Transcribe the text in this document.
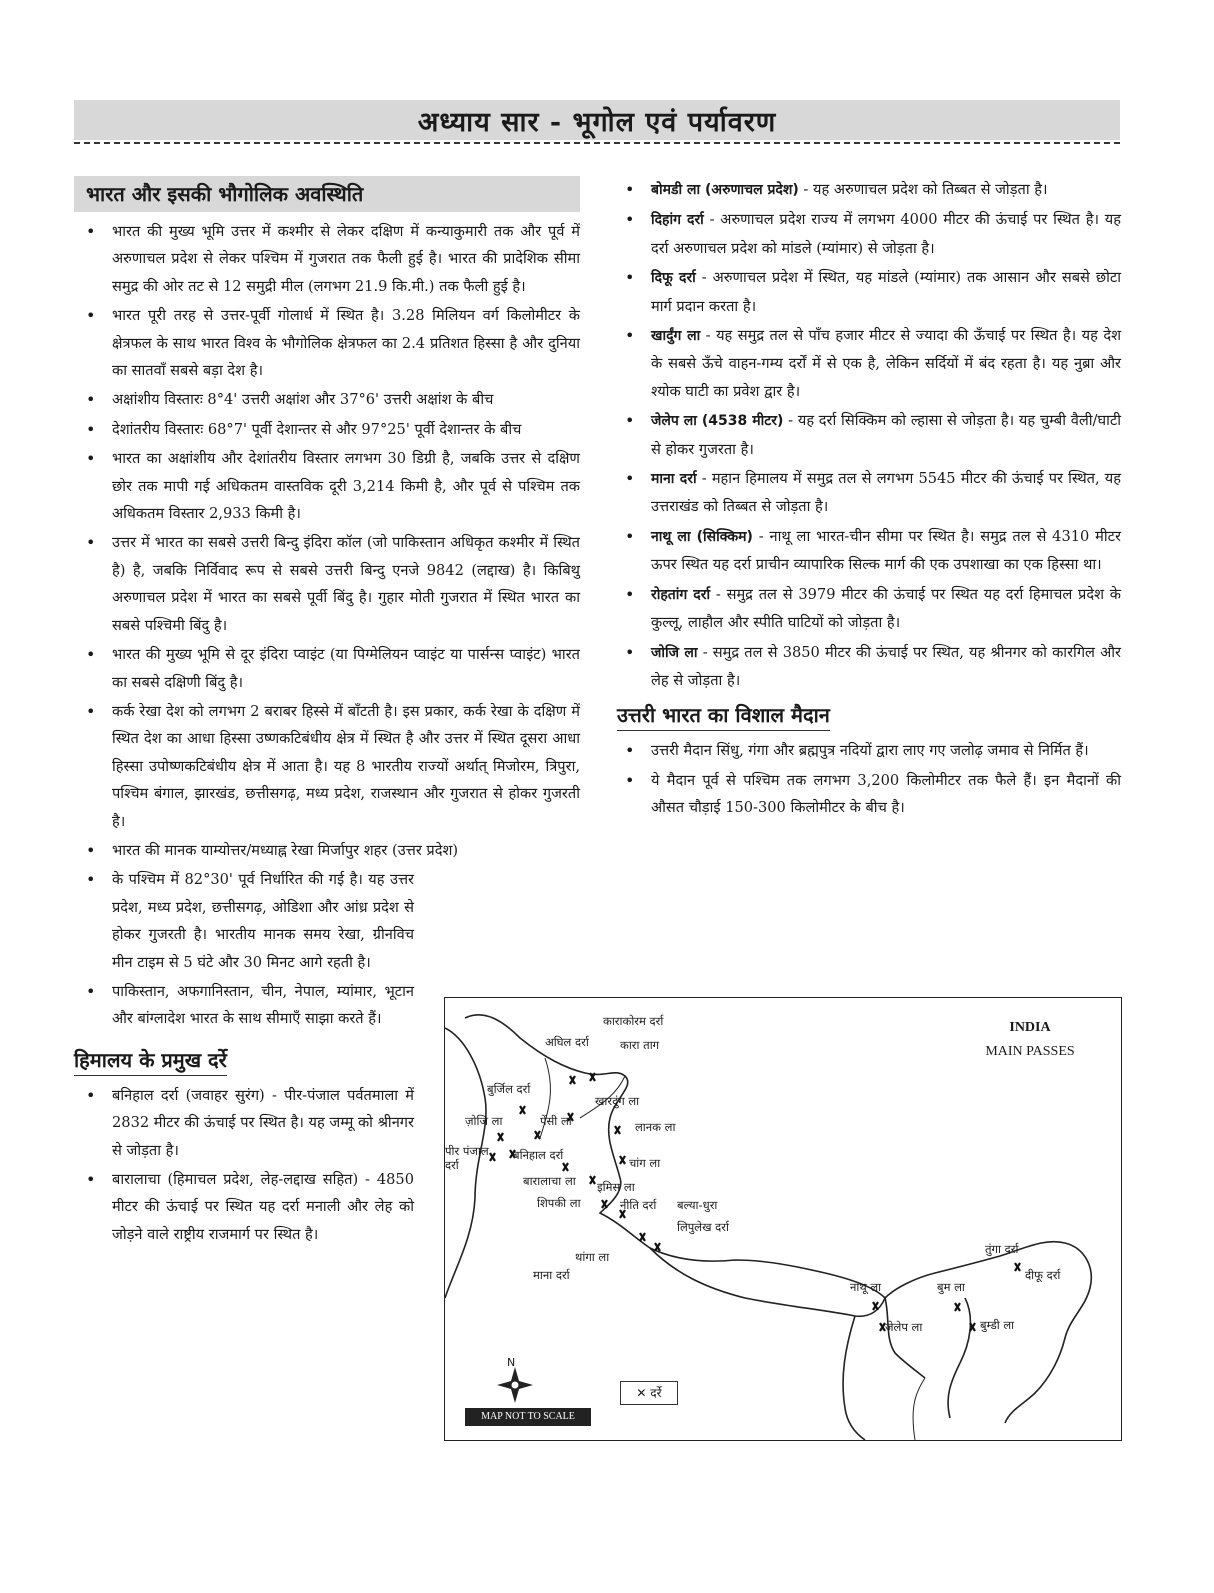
अध्याय सार - भूगोल एवं पर्यावरण
भारत और इसकी भौगोलिक अवस्थिति
• भारत की मुख्य भूमि उत्तर में कश्मीर से लेकर दक्षिण में कन्याकुमारी तक और पूर्व में अरुणाचल प्रदेश से लेकर पश्चिम में गुजरात तक फैली हुई है। भारत की प्रादेशिक सीमा समुद्र की ओर तट से 12 समुद्री मील (लगभग 21.9 कि.मी.) तक फैली हुई है।
• भारत पूरी तरह से उत्तर-पूर्वी गोलार्ध में स्थित है। 3.28 मिलियन वर्ग किलोमीटर के क्षेत्रफल के साथ भारत विश्व के भौगोलिक क्षेत्रफल का 2.4 प्रतिशत हिस्सा है और दुनिया का सातवाँ सबसे बड़ा देश है।
• अक्षांशीय विस्तारः 8°4' उत्तरी अक्षांश और 37°6' उत्तरी अक्षांश के बीच
• देशांतरीय विस्तारः 68°7' पूर्वी देशान्तर से और 97°25' पूर्वी देशान्तर के बीच
• भारत का अक्षांशीय और देशांतरीय विस्तार लगभग 30 डिग्री है, जबकि उत्तर से दक्षिण छोर तक मापी गई अधिकतम वास्तविक दूरी 3,214 किमी है, और पूर्व से पश्चिम तक अधिकतम विस्तार 2,933 किमी है।
• उत्तर में भारत का सबसे उत्तरी बिन्दु इंदिरा कॉल (जो पाकिस्तान अधिकृत कश्मीर में स्थित है) है, जबकि निर्विवाद रूप से सबसे उत्तरी बिन्दु एनजे 9842 (लद्दाख) है। किबिथु अरुणाचल प्रदेश में भारत का सबसे पूर्वी बिंदु है। गुहार मोती गुजरात में स्थित भारत का सबसे पश्चिमी बिंदु है।
• भारत की मुख्य भूमि से दूर इंदिरा प्वाइंट (या पिग्मेलियन प्वाइंट या पार्सन्स प्वाइंट) भारत का सबसे दक्षिणी बिंदु है।
• कर्क रेखा देश को लगभग 2 बराबर हिस्से में बाँटती है। इस प्रकार, कर्क रेखा के दक्षिण में स्थित देश का आधा हिस्सा उष्णकटिबंधीय क्षेत्र में स्थित है और उत्तर में स्थित दूसरा आधा हिस्सा उपोष्णकटिबंधीय क्षेत्र में आता है। यह 8 भारतीय राज्यों अर्थात् मिजोरम, त्रिपुरा, पश्चिम बंगाल, झारखंड, छत्तीसगढ़, मध्य प्रदेश, राजस्थान और गुजरात से होकर गुजरती है।
• भारत की मानक याम्योत्तर/मध्याह्न रेखा मिर्जापुर शहर (उत्तर प्रदेश)
• के पश्चिम में 82°30' पूर्व निर्धारित की गई है। यह उत्तर प्रदेश, मध्य प्रदेश, छत्तीसगढ़, ओडिशा और आंध्र प्रदेश से होकर गुजरती है। भारतीय मानक समय रेखा, ग्रीनविच मीन टाइम से 5 घंटे और 30 मिनट आगे रहती है।
• पाकिस्तान, अफगानिस्तान, चीन, नेपाल, म्यांमार, भूटान और बांग्लादेश भारत के साथ सीमाएँ साझा करते हैं।
हिमालय के प्रमुख दर्रे
• बनिहाल दर्रा (जवाहर सुरंग) - पीर-पंजाल पर्वतमाला में 2832 मीटर की ऊंचाई पर स्थित है। यह जम्मू को श्रीनगर से जोड़ता है।
• बारालाचा (हिमाचल प्रदेश, लेह-लद्दाख सहित) - 4850 मीटर की ऊंचाई पर स्थित यह दर्रा मनाली और लेह को जोड़ने वाले राष्ट्रीय राजमार्ग पर स्थित है।
• बोमडी ला (अरुणाचल प्रदेश) - यह अरुणाचल प्रदेश को तिब्बत से जोड़ता है।
• दिहांग दर्रा - अरुणाचल प्रदेश राज्य में लगभग 4000 मीटर की ऊंचाई पर स्थित है। यह दर्रा अरुणाचल प्रदेश को मांडले (म्यांमार) से जोड़ता है।
• दिफू दर्रा - अरुणाचल प्रदेश में स्थित, यह मांडले (म्यांमार) तक आसान और सबसे छोटा मार्ग प्रदान करता है।
• खार्दुंग ला - यह समुद्र तल से पाँच हजार मीटर से ज्यादा की ऊँचाई पर स्थित है। यह देश के सबसे ऊँचे वाहन-गम्य दर्रों में से एक है, लेकिन सर्दियों में बंद रहता है। यह नुब्रा और श्योक घाटी का प्रवेश द्वार है।
• जेलेप ला (4538 मीटर) - यह दर्रा सिक्किम को ल्हासा से जोड़ता है। यह चुम्बी वैली/घाटी से होकर गुजरता है।
• माना दर्रा - महान हिमालय में समुद्र तल से लगभग 5545 मीटर की ऊंचाई पर स्थित, यह उत्तराखंड को तिब्बत से जोड़ता है।
• नाथू ला (सिक्किम) - नाथू ला भारत-चीन सीमा पर स्थित है। समुद्र तल से 4310 मीटर ऊपर स्थित यह दर्रा प्राचीन व्यापारिक सिल्क मार्ग की एक उपशाखा का एक हिस्सा था।
• रोहतांग दर्रा - समुद्र तल से 3979 मीटर की ऊंचाई पर स्थित यह दर्रा हिमाचल प्रदेश के कुल्लू, लाहौल और स्पीति घाटियों को जोड़ता है।
• जोजि ला - समुद्र तल से 3850 मीटर की ऊंचाई पर स्थित, यह श्रीनगर को कारगिल और लेह से जोड़ता है।
उत्तरी भारत का विशाल मैदान
• उत्तरी मैदान सिंधु, गंगा और ब्रह्मपुत्र नदियों द्वारा लाए गए जलोढ़ जमाव से निर्मित हैं।
• ये मैदान पूर्व से पश्चिम तक लगभग 3,200 किलोमीटर तक फैले हैं। इन मैदानों की औसत चौड़ाई 150-300 किलोमीटर के बीच है।
INDIA
MAIN PASSES
N
MAP NOT TO SCALE
✕ दर्रे
काराकोरम दर्रा
अघिल दर्रा	कारा ताग
बुर्जिल दर्रा
खारदुंग ला
ज़ोजि ला	पेंसी ला	लानक ला
पीर पंजाल दर्रा
बनिहाल दर्रा
चांग ला
बारालाचा ला इमिस ला
शिपकी ला	नीति दर्रा बल्या-धुरा
लिपुलेख दर्रा
थांगा ला
माना दर्रा
तुंगा दर्रा
दीफू दर्रा
नाथू ला	बुम ला
जेलेप ला	बुम्डी ला
